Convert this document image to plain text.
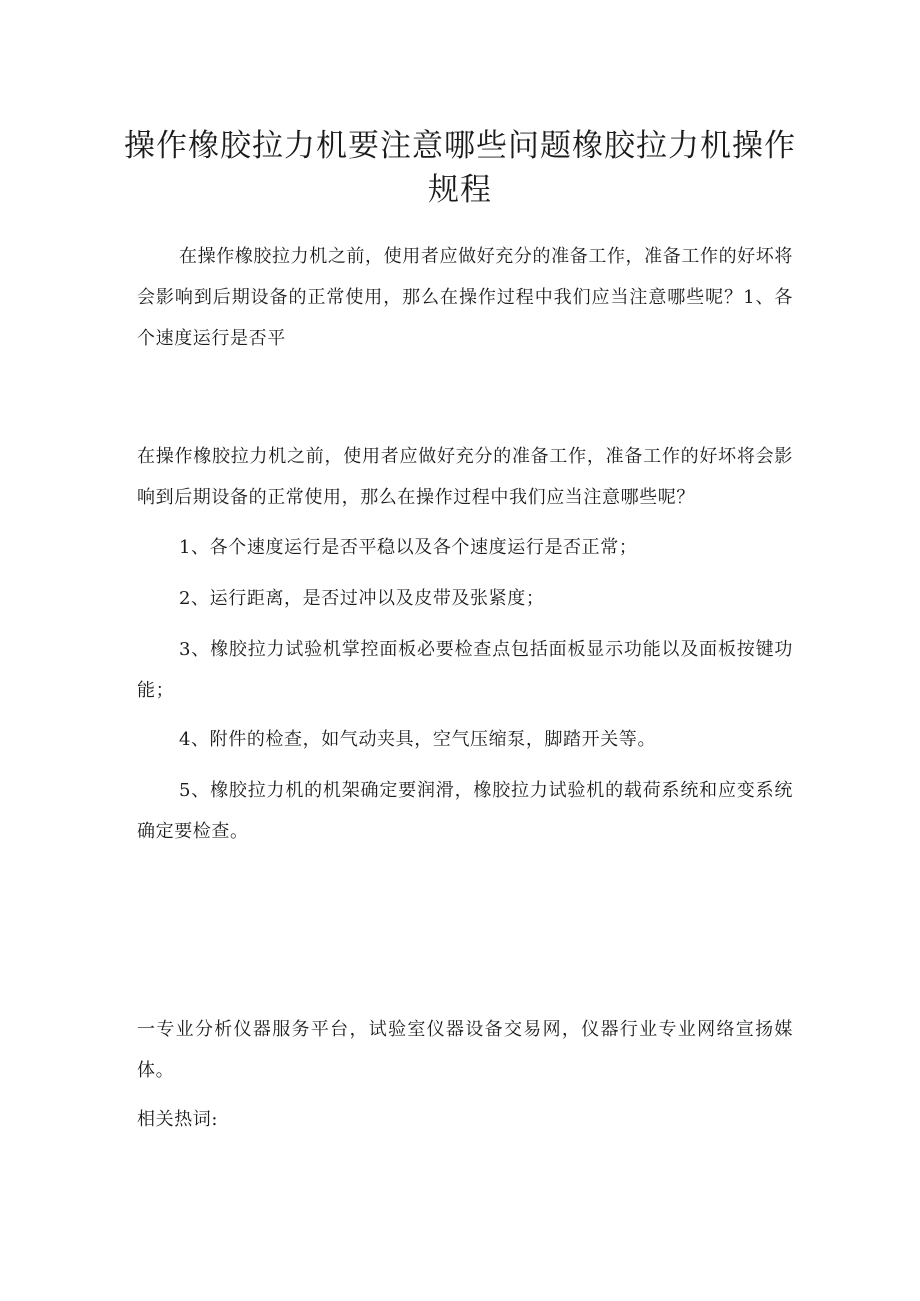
操作橡胶拉力机要注意哪些问题橡胶拉力机操作规程

在操作橡胶拉力机之前，使用者应做好充分的准备工作，准备工作的好坏将会影响到后期设备的正常使用，那么在操作过程中我们应当注意哪些呢？1、各个速度运行是否平

在操作橡胶拉力机之前，使用者应做好充分的准备工作，准备工作的好坏将会影响到后期设备的正常使用，那么在操作过程中我们应当注意哪些呢？

1、各个速度运行是否平稳以及各个速度运行是否正常；

2、运行距离，是否过冲以及皮带及张紧度；

3、橡胶拉力试验机掌控面板必要检查点包括面板显示功能以及面板按键功能；

4、附件的检查，如气动夹具，空气压缩泵，脚踏开关等。

5、橡胶拉力机的机架确定要润滑，橡胶拉力试验机的载荷系统和应变系统确定要检查。

一专业分析仪器服务平台，试验室仪器设备交易网，仪器行业专业网络宣扬媒体。

相关热词:
